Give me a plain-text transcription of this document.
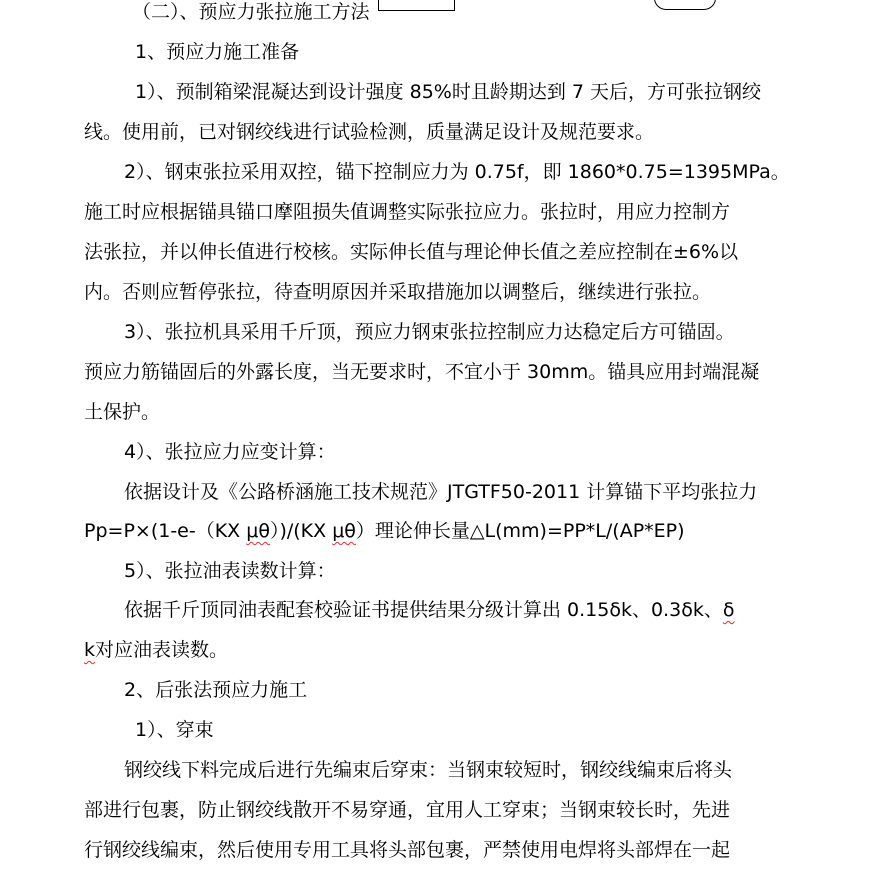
（二）、预应力张拉施工方法
1、预应力施工准备
1）、预制箱梁混凝达到设计强度 85%时且龄期达到 7 天后，方可张拉钢绞
线。使用前，已对钢绞线进行试验检测，质量满足设计及规范要求。
2）、钢束张拉采用双控，锚下控制应力为 0.75f，即 1860*0.75=1395MPa。
施工时应根据锚具锚口摩阻损失值调整实际张拉应力。张拉时，用应力控制方
法张拉，并以伸长值进行校核。实际伸长值与理论伸长值之差应控制在±6%以
内。否则应暂停张拉，待查明原因并采取措施加以调整后，继续进行张拉。
3）、张拉机具采用千斤顶，预应力钢束张拉控制应力达稳定后方可锚固。
预应力筋锚固后的外露长度，当无要求时，不宜小于 30mm。锚具应用封端混凝
土保护。
4）、张拉应力应变计算：
依据设计及《公路桥涵施工技术规范》JTGTF50-2011 计算锚下平均张拉力
Pp=P×(1-e-（KX μθ）)/(KX μθ）理论伸长量△L(mm)=PP*L/(AP*EP)
5）、张拉油表读数计算：
依据千斤顶同油表配套校验证书提供结果分级计算出 0.15δk、0.3δk、δ
k对应油表读数。
2、后张法预应力施工
1）、穿束
钢绞线下料完成后进行先编束后穿束：当钢束较短时，钢绞线编束后将头
部进行包裹，防止钢绞线散开不易穿通，宜用人工穿束；当钢束较长时，先进
行钢绞线编束，然后使用专用工具将头部包裹，严禁使用电焊将头部焊在一起
